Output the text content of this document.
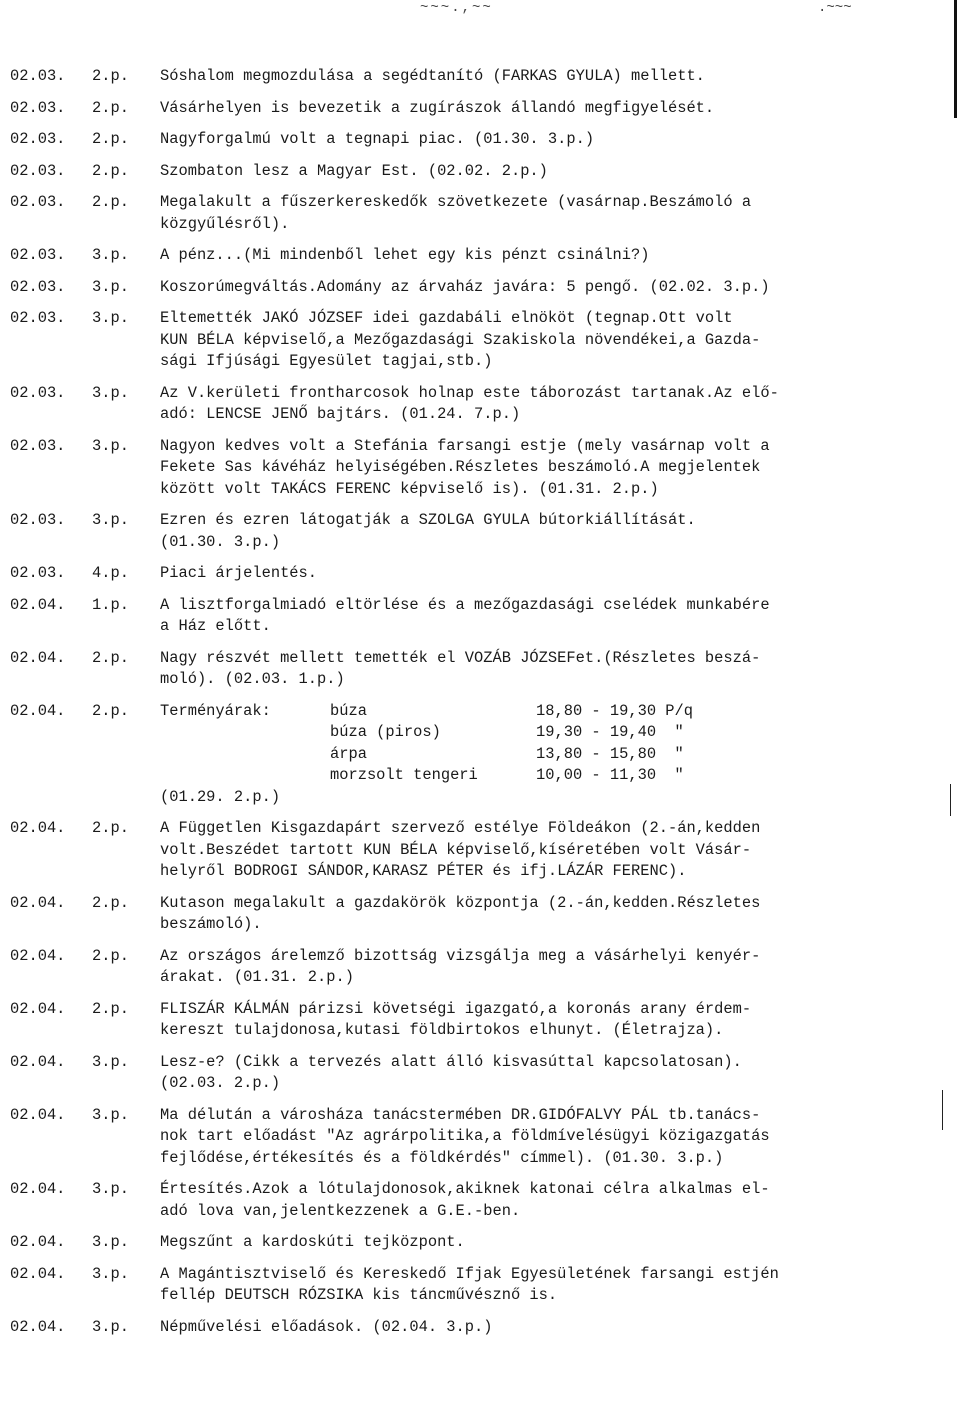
~~~.,~~	.~~~
02.03.	2.p.	Sóshalom megmozdulása a segédtanító (FARKAS GYULA) mellett.
02.03.	2.p.	Vásárhelyen is bevezetik a zugírászok állandó megfigyelését.
02.03.	2.p.	Nagyforgalmú volt a tegnapi piac. (01.30. 3.p.)
02.03.	2.p.	Szombaton lesz a Magyar Est. (02.02. 2.p.)
02.03.	2.p.	Megalakult a fűszerkereskedők szövetkezete (vasárnap.Beszámoló a
közgyűlésről).
02.03.	3.p.	A pénz...(Mi mindenből lehet egy kis pénzt csinálni?)
02.03.	3.p.	Koszorúmegváltás.Adomány az árvaház javára: 5 pengő. (02.02. 3.p.)
02.03.	3.p.	Eltemették JAKÓ JÓZSEF idei gazdabáli elnököt (tegnap.Ott volt
KUN BÉLA képviselő,a Mezőgazdasági Szakiskola növendékei,a Gazda-
sági Ifjúsági Egyesület tagjai,stb.)
02.03.	3.p.	Az V.kerületi frontharcosok holnap este táborozást tartanak.Az elő-
adó: LENCSE JENŐ bajtárs. (01.24. 7.p.)
02.03.	3.p.	Nagyon kedves volt a Stefánia farsangi estje (mely vasárnap volt a
Fekete Sas kávéház helyiségében.Részletes beszámoló.A megjelentek
között volt TAKÁCS FERENC képviselő is). (01.31. 2.p.)
02.03.	3.p.	Ezren és ezren látogatják a SZOLGA GYULA bútorkiállítását.
(01.30. 3.p.)
02.03.	4.p.	Piaci árjelentés.
02.04.	1.p.	A lisztforgalmiadó eltörlése és a mezőgazdasági cselédek munkabére
a Ház előtt.
02.04.	2.p.	Nagy részvét mellett temették el VOZÁB JÓZSEFet.(Részletes beszá-
moló). (02.03. 1.p.)
02.04.	2.p.	Terményárak:	búza	18,80 - 19,30 P/q
búza (piros)	19,30 - 19,40  "
árpa	13,80 - 15,80  "
morzsolt tengeri	10,00 - 11,30  "
(01.29. 2.p.)
02.04.	2.p.	A Független Kisgazdapárt szervező estélye Földeákon (2.-án,kedden
volt.Beszédet tartott KUN BÉLA képviselő,kíséretében volt Vásár-
helyről BODROGI SÁNDOR,KARASZ PÉTER és ifj.LÁZÁR FERENC).
02.04.	2.p.	Kutason megalakult a gazdakörök központja (2.-án,kedden.Részletes
beszámoló).
02.04.	2.p.	Az országos árelemző bizottság vizsgálja meg a vásárhelyi kenyér-
árakat. (01.31. 2.p.)
02.04.	2.p.	FLISZÁR KÁLMÁN párizsi követségi igazgató,a koronás arany érdem-
kereszt tulajdonosa,kutasi földbirtokos elhunyt. (Életrajza).
02.04.	3.p.	Lesz-e? (Cikk a tervezés alatt álló kisvasúttal kapcsolatosan).
(02.03. 2.p.)
02.04.	3.p.	Ma délután a városháza tanácstermében DR.GIDÓFALVY PÁL tb.tanács-
nok tart előadást "Az agrárpolitika,a földmívelésügyi közigazgatás
fejlődése,értékesítés és a földkérdés" címmel). (01.30. 3.p.)
02.04.	3.p.	Értesítés.Azok a lótulajdonosok,akiknek katonai célra alkalmas el-
adó lova van,jelentkezzenek a G.E.-ben.
02.04.	3.p.	Megszűnt a kardoskúti tejközpont.
02.04.	3.p.	A Magántisztviselő és Kereskedő Ifjak Egyesületének farsangi estjén
fellép DEUTSCH RÓZSIKA kis táncművésznő is.
02.04.	3.p.	Népművelési előadások. (02.04. 3.p.)
